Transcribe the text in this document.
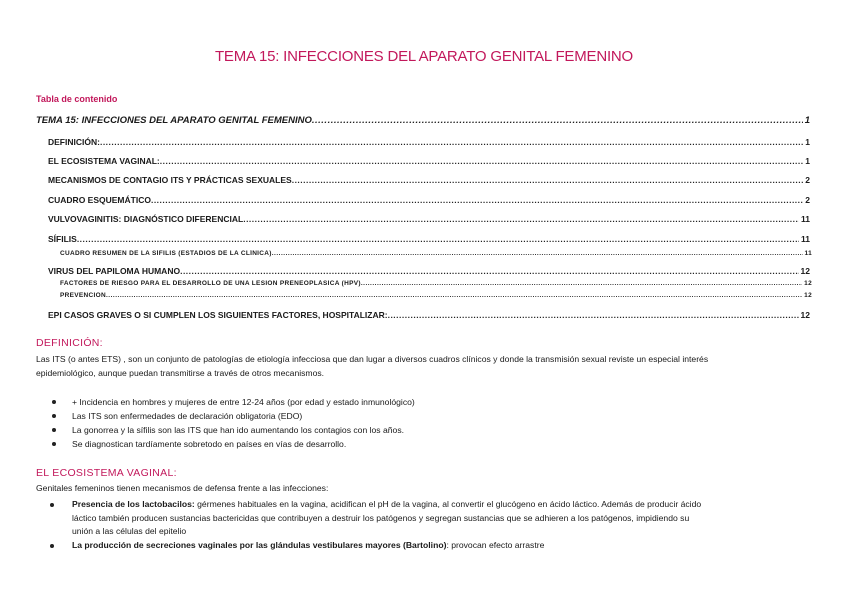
TEMA 15: INFECCIONES DEL APARATO GENITAL FEMENINO
Tabla de contenido
TEMA 15: INFECCIONES DEL APARATO GENITAL FEMENINO .....	1
DEFINICIÓN: .....	1
EL ECOSISTEMA VAGINAL: .....	1
MECANISMOS DE CONTAGIO ITS Y PRÁCTICAS SEXUALES .....	2
CUADRO ESQUEMÁTICO .....	2
VULVOVAGINITIS: DIAGNÓSTICO DIFERENCIAL .....	11
SÍFILIS .....	11
CUADRO RESUMEN DE LA SÍFILIS (ESTADIOS DE LA CLÍNICA) .....	11
VIRUS DEL PAPILOMA HUMANO .....	12
FACTORES DE RIESGO PARA EL DESARROLLO DE UNA LESIÓN PRENEOPLÁSICA (HPV) .....	12
PREVENCIÓN .....	12
EPI CASOS GRAVES O SI CUMPLEN LOS SIGUIENTES FACTORES, HOSPITALIZAR: .....	12
DEFINICIÓN:
Las ITS (o antes ETS) , son un conjunto de patologías de etiología infecciosa que dan lugar a diversos cuadros clínicos y donde la transmisión sexual reviste un especial interés
epidemiológico, aunque puedan transmitirse a través de otros mecanismos.
+ Incidencia en hombres y mujeres de entre 12-24 años (por edad y estado inmunológico)
Las ITS son enfermedades de declaración obligatoria (EDO)
La gonorrea y la sífilis son las ITS que han ido aumentando los contagios con los años.
Se diagnostican tardíamente sobretodo en países en vías de desarrollo.
EL ECOSISTEMA VAGINAL:
Genitales femeninos tienen mecanismos de defensa frente a las infecciones:
Presencia de los lactobacilos: gérmenes habituales en la vagina, acidifican el pH de la vagina, al convertir el glucógeno en ácido láctico. Además de producir ácido
láctico también producen sustancias bactericidas que contribuyen a destruir los patógenos y segregan sustancias que se adhieren a los patógenos, impidiendo su
unión a las células del epitelio
La producción de secreciones vaginales por las glándulas vestibulares mayores (Bartolino): provocan efecto arrastre
